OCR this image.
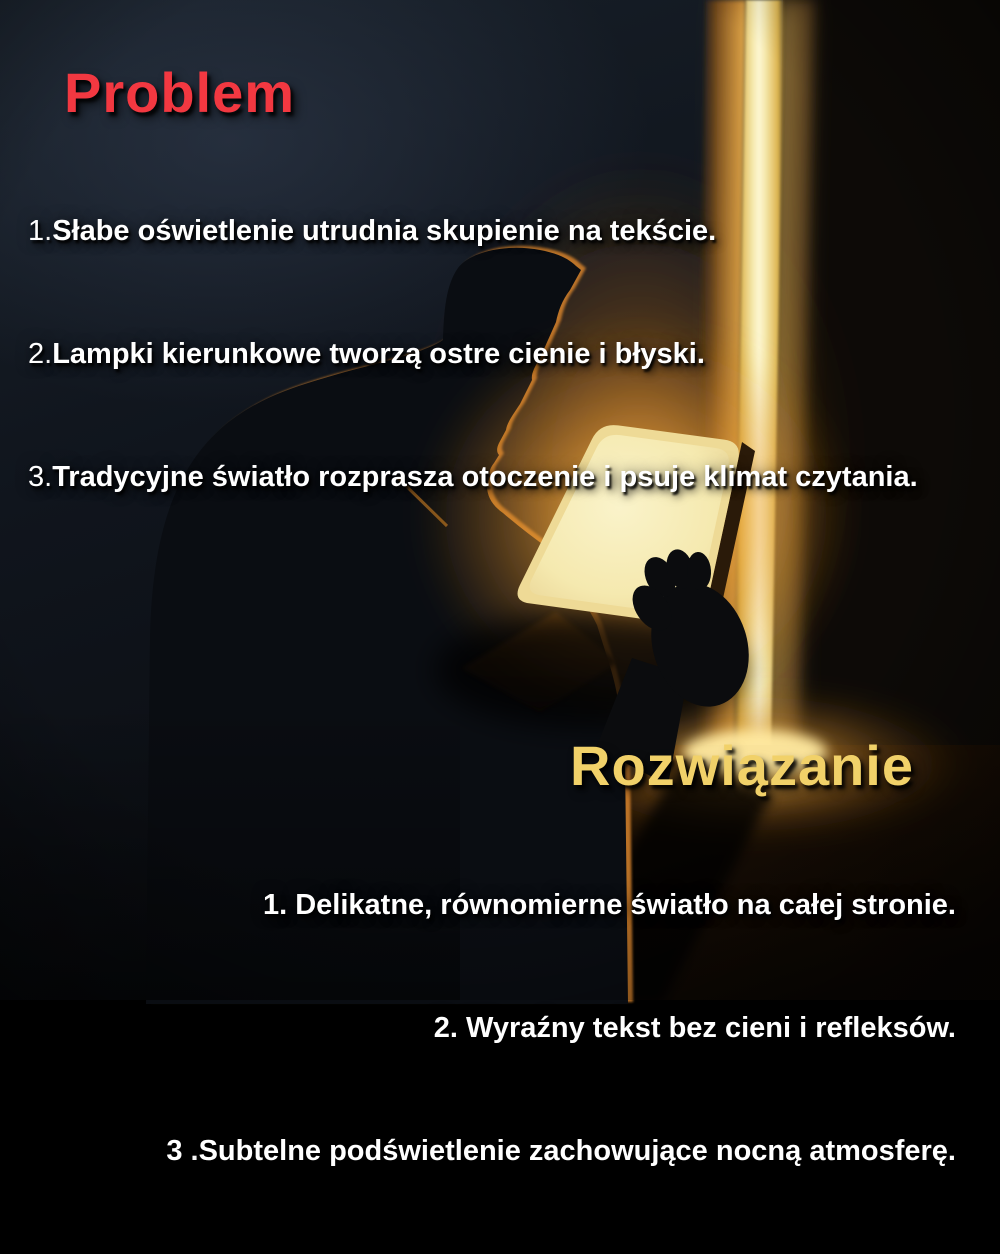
Problem

1.Słabe oświetlenie utrudnia skupienie na tekście.

2.Lampki kierunkowe tworzą ostre cienie i błyski.

3.Tradycyjne światło rozprasza otoczenie i psuje klimat czytania.

Rozwiązanie

1. Delikatne, równomierne światło na całej stronie.

2. Wyraźny tekst bez cieni i refleksów.

3 .Subtelne podświetlenie zachowujące nocną atmosferę.
